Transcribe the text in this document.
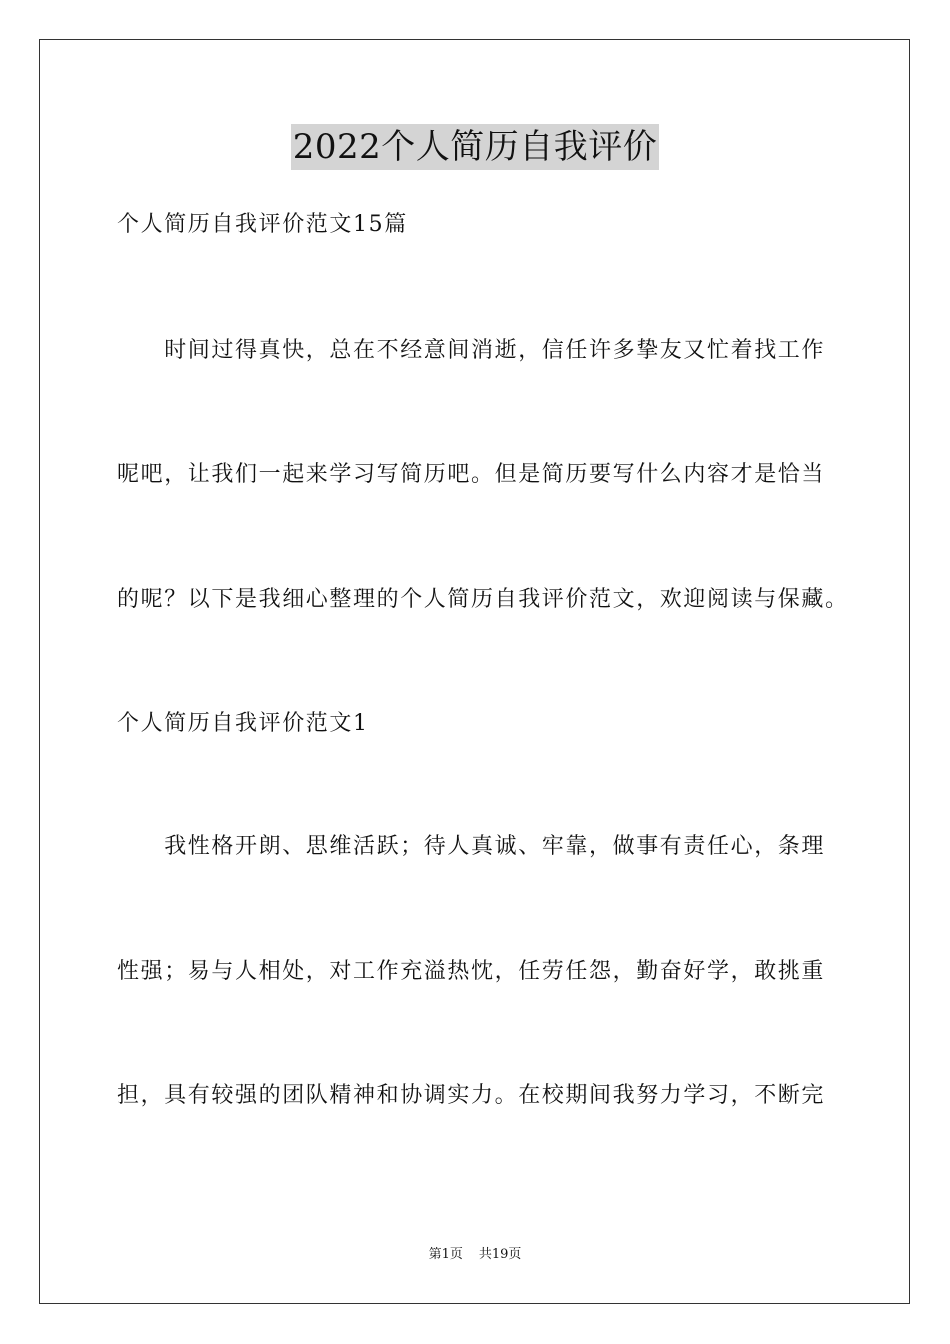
2022个人简历自我评价
个人简历自我评价范文15篇
　　时间过得真快，总在不经意间消逝，信任许多挚友又忙着找工作
呢吧，让我们一起来学习写简历吧。但是简历要写什么内容才是恰当
的呢？以下是我细心整理的个人简历自我评价范文，欢迎阅读与保藏。
个人简历自我评价范文1
　　我性格开朗、思维活跃；待人真诚、牢靠，做事有责任心，条理
性强；易与人相处，对工作充溢热忱，任劳任怨，勤奋好学，敢挑重
担，具有较强的团队精神和协调实力。在校期间我努力学习，不断完
第1页 共19页
